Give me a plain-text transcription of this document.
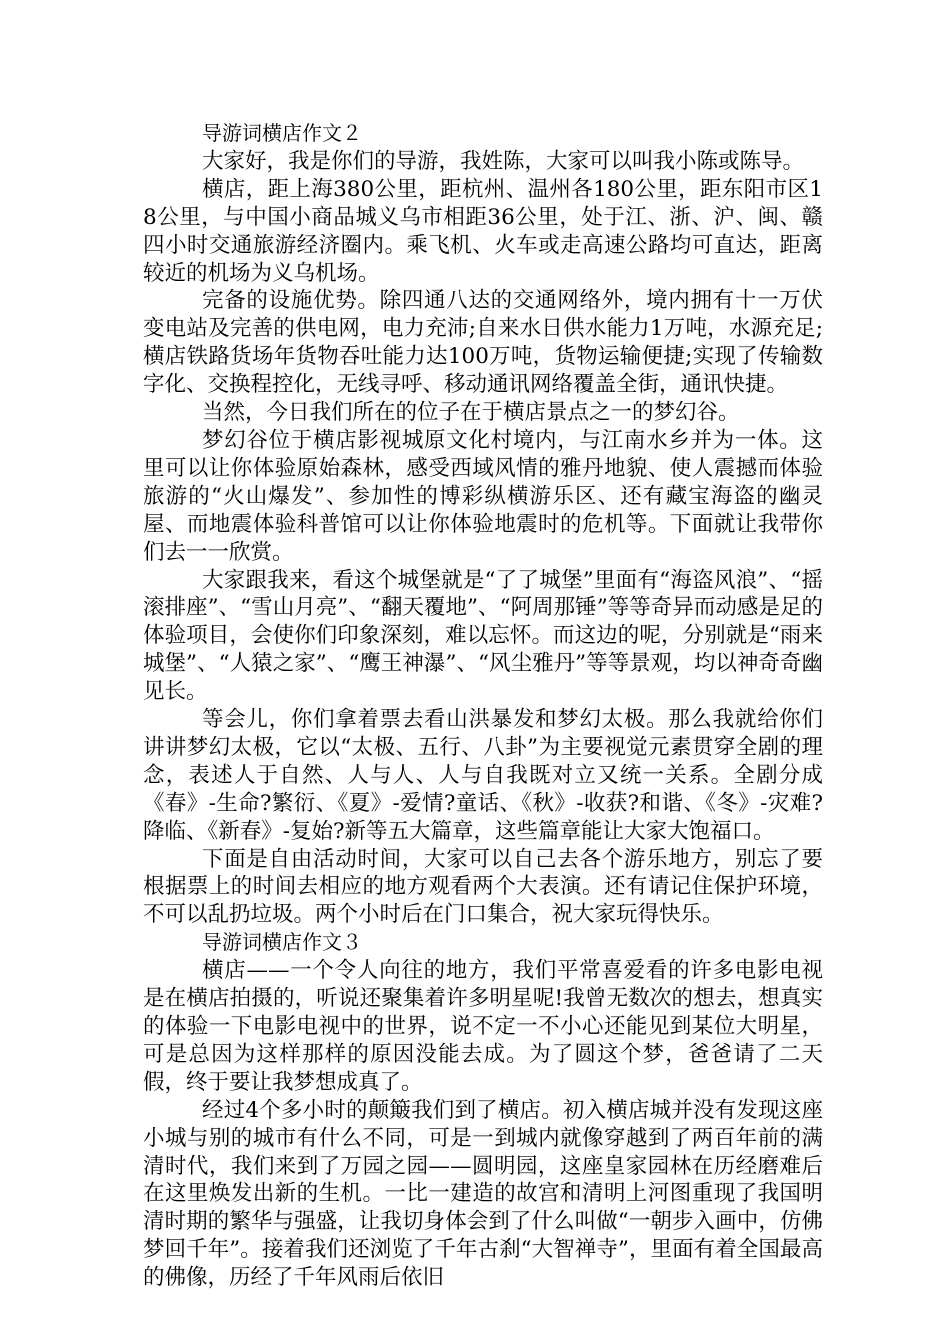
导游词横店作文２

大家好，我是你们的导游，我姓陈，大家可以叫我小陈或陈导。

横店，距上海380公里，距杭州、温州各180公里，距东阳市区18公里，与中国小商品城义乌市相距36公里，处于江、浙、沪、闽、赣四小时交通旅游经济圈内。乘飞机、火车或走高速公路均可直达，距离较近的机场为义乌机场。

完备的设施优势。除四通八达的交通网络外，境内拥有十一万伏变电站及完善的供电网，电力充沛;自来水日供水能力1万吨，水源充足;横店铁路货场年货物吞吐能力达100万吨，货物运输便捷;实现了传输数字化、交换程控化，无线寻呼、移动通讯网络覆盖全街，通讯快捷。

当然，今日我们所在的位子在于横店景点之一的梦幻谷。

梦幻谷位于横店影视城原文化村境内，与江南水乡并为一体。这里可以让你体验原始森林，感受西域风情的雅丹地貌、使人震撼而体验旅游的“火山爆发”、参加性的博彩纵横游乐区、还有藏宝海盗的幽灵屋、而地震体验科普馆可以让你体验地震时的危机等。下面就让我带你们去一一欣赏。

大家跟我来，看这个城堡就是“了了城堡”里面有“海盗风浪”、“摇滚排座”、“雪山月亮”、“翻天覆地”、“阿周那锤”等等奇异而动感是足的体验项目，会使你们印象深刻，难以忘怀。而这边的呢，分别就是“雨来城堡”、“人猿之家”、“鹰王神瀑”、“风尘雅丹”等等景观，均以神奇奇幽见长。

等会儿，你们拿着票去看山洪暴发和梦幻太极。那么我就给你们讲讲梦幻太极，它以“太极、五行、八卦”为主要视觉元素贯穿全剧的理念，表述人于自然、人与人、人与自我既对立又统一关系。全剧分成《春》-生命?繁衍、《夏》-爱情?童话、《秋》-收获?和谐、《冬》-灾难?降临、《新春》-复始?新等五大篇章，这些篇章能让大家大饱福口。

下面是自由活动时间，大家可以自己去各个游乐地方，别忘了要根据票上的时间去相应的地方观看两个大表演。还有请记住保护环境，不可以乱扔垃圾。两个小时后在门口集合，祝大家玩得快乐。

导游词横店作文３

横店——一个令人向往的地方，我们平常喜爱看的许多电影电视是在横店拍摄的，听说还聚集着许多明星呢!我曾无数次的想去，想真实的体验一下电影电视中的世界，说不定一不小心还能见到某位大明星，可是总因为这样那样的原因没能去成。为了圆这个梦，爸爸请了二天假，终于要让我梦想成真了。

经过4个多小时的颠簸我们到了横店。初入横店城并没有发现这座小城与别的城市有什么不同，可是一到城内就像穿越到了两百年前的满清时代，我们来到了万园之园——圆明园，这座皇家园林在历经磨难后在这里焕发出新的生机。一比一建造的故宫和清明上河图重现了我国明清时期的繁华与强盛，让我切身体会到了什么叫做“一朝步入画中，仿佛梦回千年”。接着我们还浏览了千年古刹“大智禅寺”，里面有着全国最高的佛像，历经了千年风雨后依旧
